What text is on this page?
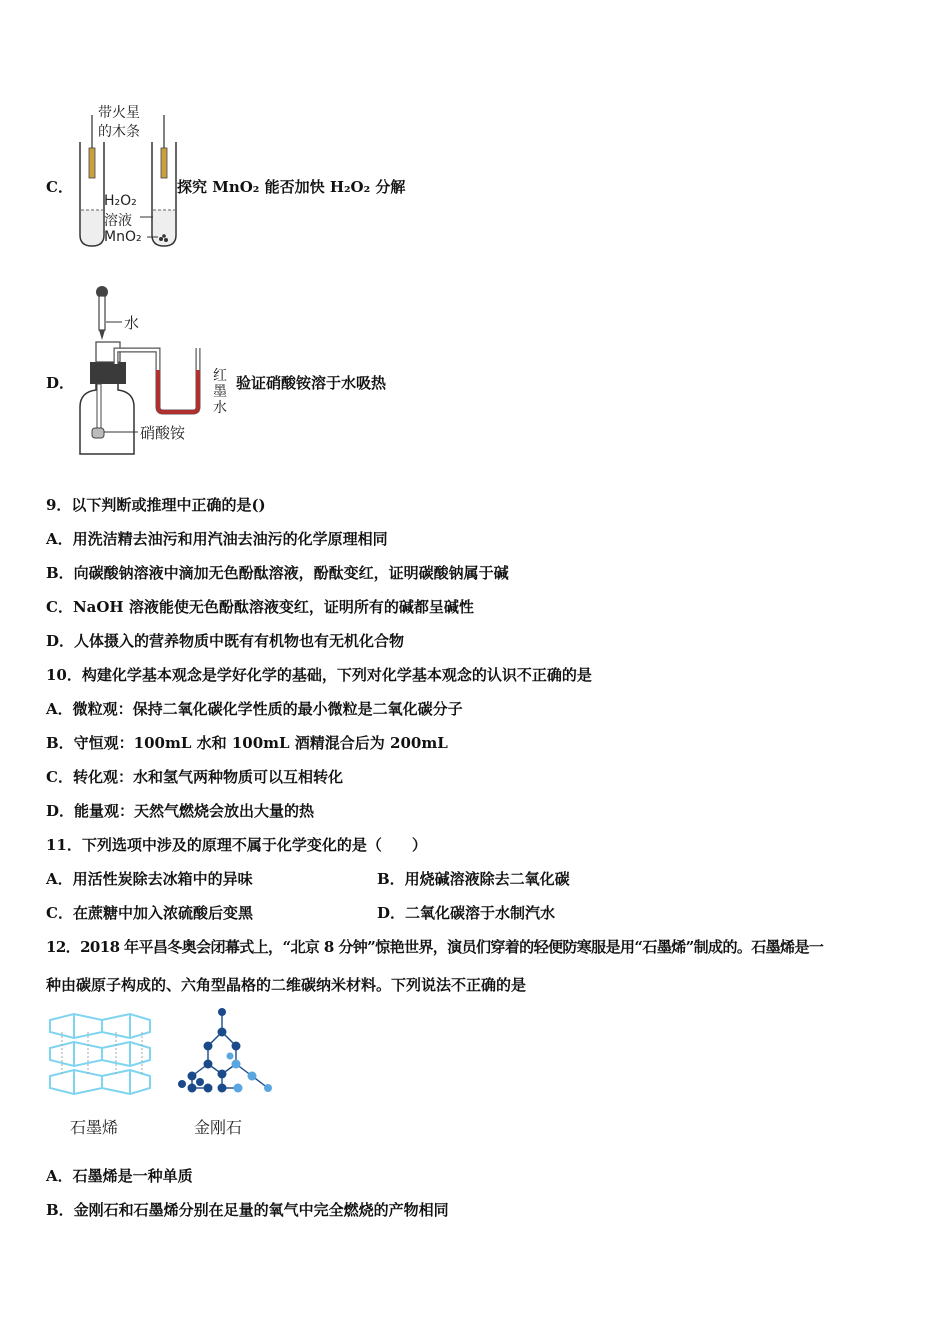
C．
带火星
的木条
H₂O₂
溶液
MnO₂
探究 MnO₂ 能否加快 H₂O₂ 分解
D．
水
红
墨
水
硝酸铵
验证硝酸铵溶于水吸热
9．以下判断或推理中正确的是()
A．用洗洁精去油污和用汽油去油污的化学原理相同
B．向碳酸钠溶液中滴加无色酚酞溶液，酚酞变红，证明碳酸钠属于碱
C．NaOH 溶液能使无色酚酞溶液变红，证明所有的碱都呈碱性
D．人体摄入的营养物质中既有有机物也有无机化合物
10．构建化学基本观念是学好化学的基础，下列对化学基本观念的认识不正确的是
A．微粒观：保持二氧化碳化学性质的最小微粒是二氧化碳分子
B．守恒观：100mL 水和 100mL 酒精混合后为 200mL
C．转化观：水和氢气两种物质可以互相转化
D．能量观：天然气燃烧会放出大量的热
11．下列选项中涉及的原理不属于化学变化的是（　　）
A．用活性炭除去冰箱中的异味	B．用烧碱溶液除去二氧化碳
C．在蔗糖中加入浓硫酸后变黑	D．二氧化碳溶于水制汽水
12．2018 年平昌冬奥会闭幕式上，“北京 8 分钟”惊艳世界，演员们穿着的轻便防寒服是用“石墨烯”制成的。石墨烯是一
种由碳原子构成的、六角型晶格的二维碳纳米材料。下列说法不正确的是
石墨烯	金刚石
A．石墨烯是一种单质
B．金刚石和石墨烯分别在足量的氧气中完全燃烧的产物相同
